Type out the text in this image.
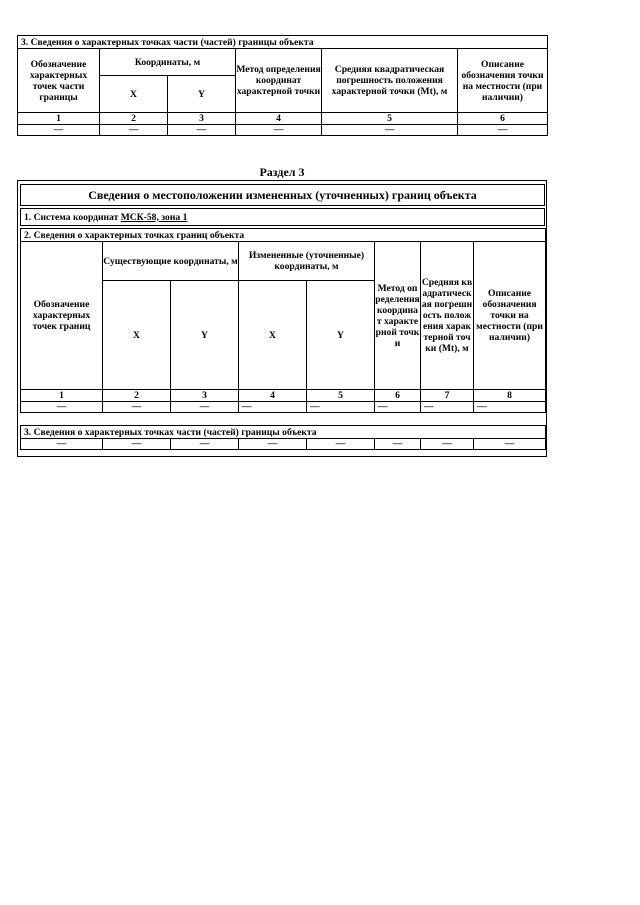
3. Сведения о характерных точках части (частей) границы объекта					
Обозначение характерных точек части границы	Координаты, м		Метод определения координат характерной точки	Средняя квадратическая погрешность положения характерной точки (Mt), м	Описание обозначения точки на местности (при наличии)
	X	Y			
1	2	3	4	5	6
—	—	—	—	—	—
Раздел 3
Сведения о местоположении измененных (уточненных) границ объекта
1. Система координат МСК-58, зона 1
2. Сведения о характерных точках границ объекта							
Обозначение характерных точек границ	Существующие координаты, м		Измененные (уточненные) координаты, м		Метод определения координат характерной точки	Средняя квадратическая погрешность положения характерной точки (Mt), м	Описание обозначения точки на местности (при наличии)
	X	Y	X	Y			
1	2	3	4	5	6	7	8
—	—	—	—	—	—	—	—
3. Сведения о характерных точках части (частей) границы объекта
—	—	—	—	—	—	—	—
